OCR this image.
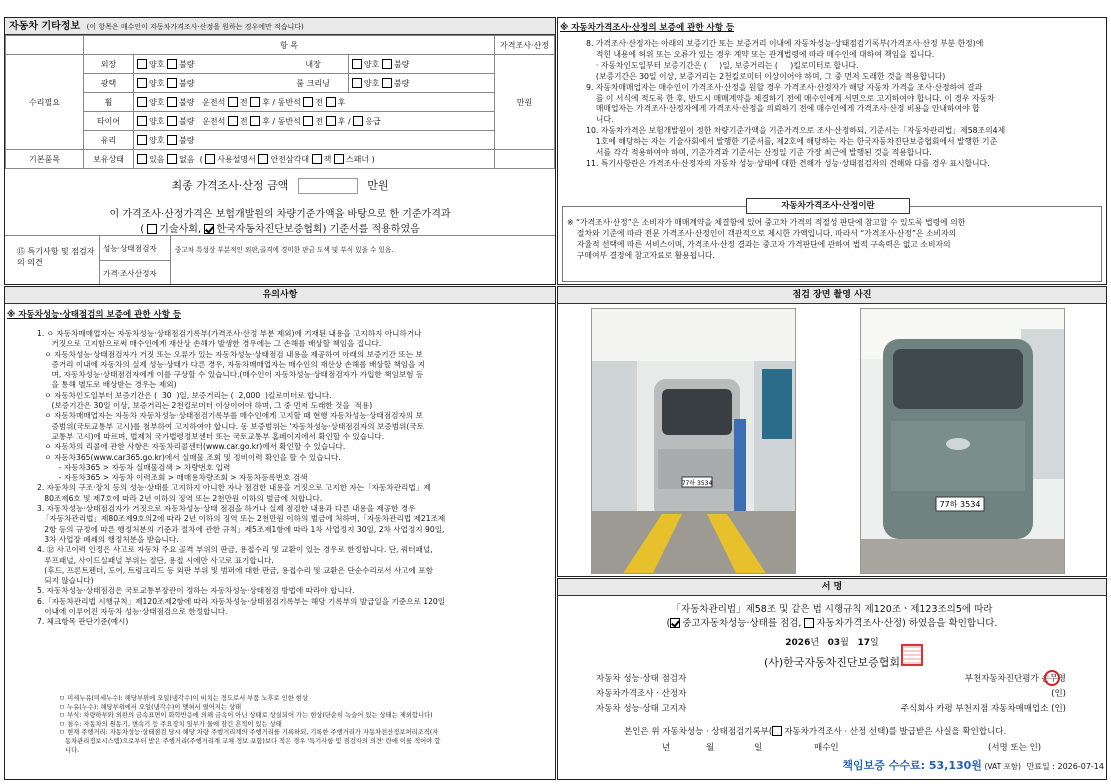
자동차 기타정보 (이 항목은 매수인이 자동차가격조사·산정을 원하는 경우에만 적습니다)
	항 목				가격조사·산정
수리필요	외장	양호 불량	내장	양호 불량	만원
	광택	양호 불량	룸 크리닝	양호 불량	
	휠	양호 불량 운전석 전 후 / 동반석 전 후			
	타이어	양호 불량 운전석 전 후 / 동반석 전 후 / 응급			
	유리	양호 불량			
기본품목	보유상태	있음 없음 ( 사용설명서 안전삼각대 잭 스패너 )			
최종 가격조사·산정 금액	만원
이 가격조사·산정가격은 보험개발원의 차량기준가액을 바탕으로 한 기준가격과
( 기술사회, 한국자동차진단보증협회) 기준서를 적용하였음
⑮ 특기사항 및 점검자의 의견
성능·상태점검자	중고차 특성상 부분적인 외판,골격에 경미한 판금 도색 및 부식 있을 수 있음.
가격·조사산정자
※ 자동차가격조사·산정의 보증에 관한 사항 등
8. 가격조사·산정자는 아래의 보증기간 또는 보증거리 이내에 자동차성능·상태점검기록부(가격조사·산정 부분 한정)에
적힌 내용에 허위 또는 오류가 있는 경우 계약 또는 관계법령에 따라 매수인에 대하여 책임을 집니다.
· 자동차인도일부터 보증기간은 (     )일, 보증거리는 (     )킬로미터로 합니다.
(보증기간은 30일 이상, 보증거리는 2천킬로미터 이상이어야 하며, 그 중 먼저 도래한 것을 적용합니다)
9. 자동차매매업자는 매수인이 가격조사·산정을 원할 경우 가격조사·산정자가 해당 자동차 가격을 조사·산정하여 결과
를 이 서식에 적도록 한 후, 반드시 매매계약을 체결하기 전에 매수인에게 서면으로 고지하여야 합니다. 이 경우 자동차
매매업자는 가격조사·산정자에게 가격조사·산정을 의뢰하기 전에 매수인에게 가격조사·산정 비용을 안내하여야 합
니다.
10. 자동차가격은 보험개발원이 정한 차량기준가액을 기준가격으로 조사·산정하되, 기준서는「자동차관리법」제58조의4제
1호에 해당하는 자는 기술사회에서 발행한 기준서를, 제2호에 해당하는 자는 한국자동차진단보증협회에서 발행한 기준
서를 각각 적용하여야 하며, 기준가격과 기준서는 산정일 기준 가장 최근에 발행된 것을 적용합니다.
11. 특기사항란은 가격조사·산정자의 자동차 성능·상태에 대한 견해가 성능·상태점검자의 견해와 다를 경우 표시합니다.
자동차가격조사·산정이란
※ “가격조사·산정”은 소비자가 매매계약을 체결함에 있어 중고차 가격의 적절성 판단에 참고할 수 있도록 법령에 의한
절차와 기준에 따라 전문 가격조사·산정인이 객관적으로 제시한 가액입니다. 따라서 “가격조사·산정”은 소비자의
자율적 선택에 따른 서비스이며, 가격조사·산정 결과는 중고자 가격판단에 관하여 법적 구속력은 없고 소비자의
구매여부 결정에 참고자료로 활용됩니다.
유의사항
※ 자동차성능·상태점검의 보증에 관한 사항 등
1. ㅇ 자동차매매업자는 자동차성능·상태점검기록부(가격조사·산정 부분 제외)에 기재된 내용을 고지하지 아니하거나
거짓으로 고지함으로써 매수인에게 재산상 손해가 발생한 경우에는 그 손해를 배상할 책임을 집니다.
ㅇ 자동차성능·상태점검자가 거짓 또는 오류가 있는 자동차성능·상태점검 내용을 제공하여 아래의 보증기간 또는 보
증거리 이내에 자동차의 실제 성능·상태가 다른 경우, 자동차매매업자는 매수인의 재산상 손해를 배상할 책임을 지
며, 자동차성능·상태점검자에게 이를 구상할 수 있습니다.(매수인이 자동차성능·상태점검자가 가입한 책임보험 등
을 통해 별도로 배상받는 경우는 제외)
ㅇ 자동차인도일부터 보증기간은 (  30  )일, 보증거리는 (  2,000  )킬로미터로 합니다.
(보증기간은 30일 이상, 보증거리는 2천킬로미터 이상이어야 하며, 그 중 먼저 도래한 것을  적용)
ㅇ 자동차매매업자는 자동차 자동차성능·상태점검기록부를 매수인에게 고지할 때 현행 자동차성능·상태점검자의 보
증범위(국토교통부 고시)를 첨부하여 고지하여야 합니다. 동 보증범위는 '자동차성능·상태점검자의 보증범위(국토
교통부 고시)에 따르며, 법제처 국가법령정보센터 또는 국토교통부 홈페이지에서 확인할 수 있습니다.
ㅇ 자동차의 리콜에 관한 사항은 자동차리콜센터(www.car.go.kr)에서 확인할 수 있습니다.
ㅇ 자동차365(www.car365.go.kr)에서 실매물 조회 및 정비이력 확인을 할 수 있습니다.
- 자동차365 > 자동차 실매물검색 > 차량번호 입력
- 자동차365 > 자동차 이력조회 > 매매용차량조회 > 자동차등록번호 검색
2. 자동차의 구조·장치 등의 성능·상태를 고지하지 아니한 자나 점검한 내용을 거짓으로 고지한 자는「자동차관리법」제
80조제6호 및 제7호에 따라 2년 이하의 징역 또는 2천만원 이하의 벌금에 처합니다.
3. 자동차성능·상태점검자가 거짓으로 자동차성능·상태 점검을 하거나 실제 점검한 내용과 다른 내용을 제공한 경우
「자동차관리법」제80조제9호의2에 따라 2년 이하의 징역 또는 2천만원 이하의 벌금에 처하며,「자동차관리법 제21조제
2항 등의 규정에 따른 행정처분의 기준과 절차에 관한 규칙」제5조제1항에 따라 1차 사업정지 30일, 2차 사업정지 90일,
3차 사업장 폐쇄의 행정처분을 받습니다.
4. ⑫ 사고이력 인정은 사고로 자동차 주요 골격 부위의 판금, 용접수리 및 교환이 있는 경우로 한정합니다. 단, 쿼터패널,
루프패널, 사이드실패널 부위는 절단, 용접 시에만 사고로 표기합니다.
(후드, 프론트펜더, 도어, 트렁크리드 등 외판 부위 및 범퍼에 대한 판금, 용접수리 및 교환은 단순수리로서 사고에 포함
되지 않습니다)
5. 자동차성능·상태점검은 국토교통부장관이 정하는 자동차성능·상태점검 방법에 따라야 합니다.
6.「자동차관리법 시행규칙」제120조제2항에 따라 자동차성능·상태점검기록부는 해당 기록부의 발급일을 기준으로 120일
이내에 이루어진 자동차 성능·상태점검으로 한정합니다.
7. 체크항목 판단기준(예시)
ㅁ 미세누유(미세누수): 해당부위에 오일(냉각수)이 비치는 정도로서 부품 노후로 인한 현상
ㅁ 누유(누수): 해당부위에서 오일(냉각수)이 맺혀서 떨어지는 상태
ㅁ 부식: 차량하부와 외판의 금속표면이 화학반응에 의해 금속이 아닌 상태로 상실되어 가는 현상(단순히 녹슬어 있는 상태는 제외합니다)
ㅁ 침수: 자동차의 원동기, 변속기 등 주요장치 일부가 물에 잠긴 흔적이 있는 상태
ㅁ 현재 주행거리: 자동차성능·상태점검 당시 해당 차량 주행거리계의 주행거리를 기록하되, 기록한 주행거리가 자동차전산정보처리조직(자
동차관리정보시스템)으로부터 받은 주행거리(주행거리계 교체 정보 포함)보다 적은 경우 '특기사항 및 점검자의 의견' 란에 이를 적어야 합
니다.
점검 장면 촬영 사진
77하 3534
77하 3534
서 명
「자동차관리법」제58조 및 같은 법 시행규칙 제120조ㆍ제123조의5에 따라
( 중고자동차성능·상태를 점검, 자동차가격조사·산정) 하였음을 확인합니다.
2026년 03월 17일
(사)한국자동차진단보증협회
자동차 성능·상태 점검자	부천자동차진단평가 손무영
자동차가격조사ㆍ산정자	(인)
자동차 성능·상태 고지자	주식회사 카펑 부천지점 자동차매매업소 (인)
본인은 위 자동차성능 · 상태점검기록부( 자동차가격조사 · 산정 선택)를 발급받은 사실을 확인합니다.
년	월	일	매수인	(서명 또는 인)
책임보증 수수료: 53,130원 (VAT 포함) 만료일 : 2026-07-14
